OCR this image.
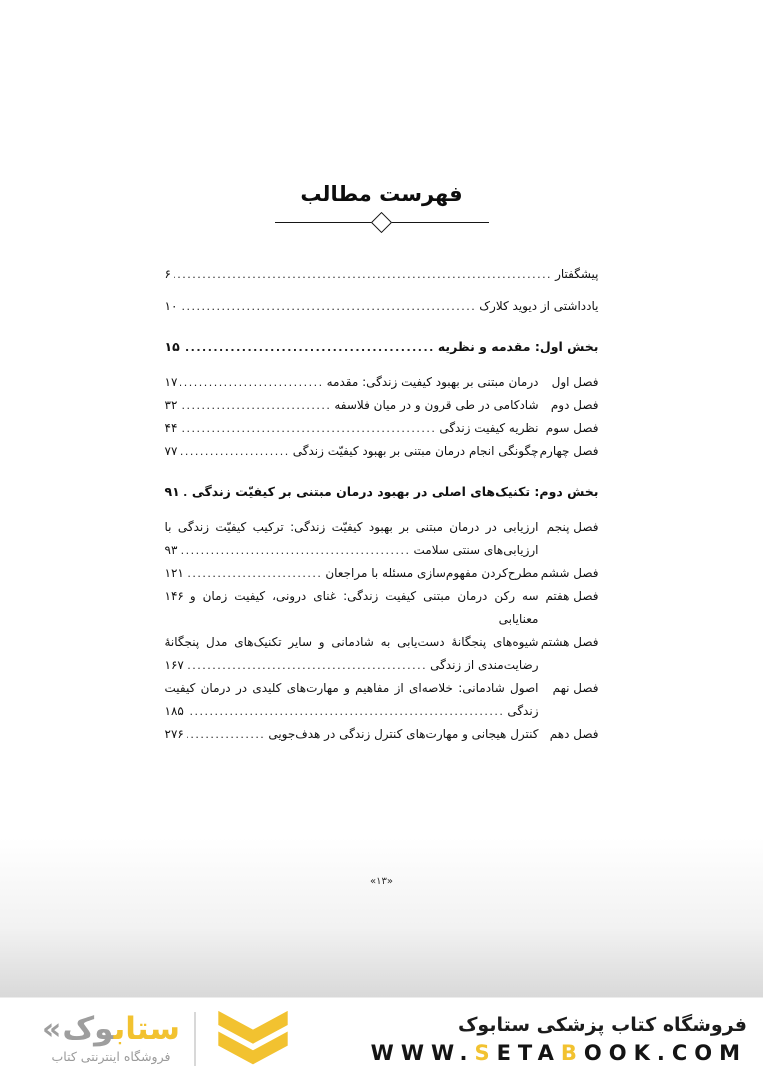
فهرست مطالب
پیشگفتار
.....
۶
یادداشتی از دیوید کلارک
.....
۱۰
بخش اول: مقدمه و نظریه
.....
۱۵
فصل اول
درمان مبتنی بر بهبود کیفیت زندگی: مقدمه
.....
۱۷
فصل دوم
شادکامی در طی قرون و در میان فلاسفه
.....
۳۲
فصل سوم
نظریه کیفیت زندگی
.....
۴۴
فصل چهارم
چگونگی انجام درمان مبتنی بر بهبود کیفیّت زندگی
.....
۷۷
بخش دوم: تکنیک‌های اصلی در بهبود درمان مبتنی بر کیفیّت زندگی
.....
۹۱
فصل پنجم
ارزیابی در درمان مبتنی بر بهبود کیفیّت زندگی: ترکیب کیفیّت زندگی با
ارزیابی‌های سنتی سلامت
.....
۹۳
فصل ششم
مطرح‌کردن مفهوم‌سازی مسئله با مراجعان
.....
۱۲۱
فصل هفتم
سه رکن درمان مبتنی کیفیت زندگی: غنای درونی، کیفیت زمان و معنایابی
۱۴۶
فصل هشتم
شیوه‌های پنجگانهٔ دست‌یابی به شادمانی و سایر تکنیک‌های مدل پنجگانهٔ
رضایت‌مندی از زندگی
.....
۱۶۷
فصل نهم
اصول شادمانی: خلاصه‌ای از مفاهیم و مهارت‌های کلیدی در درمان کیفیت
زندگی
.....
۱۸۵
فصل دهم
کنترل هیجانی و مهارت‌های کنترل زندگی در هدف‌جویی
.....
۲۷۶
«۱۳»
«	ستابوک
فروشگاه اینترنتی کتاب
فروشگاه کتاب پزشکی ستابوک
WWW.SETABOOK.COM
